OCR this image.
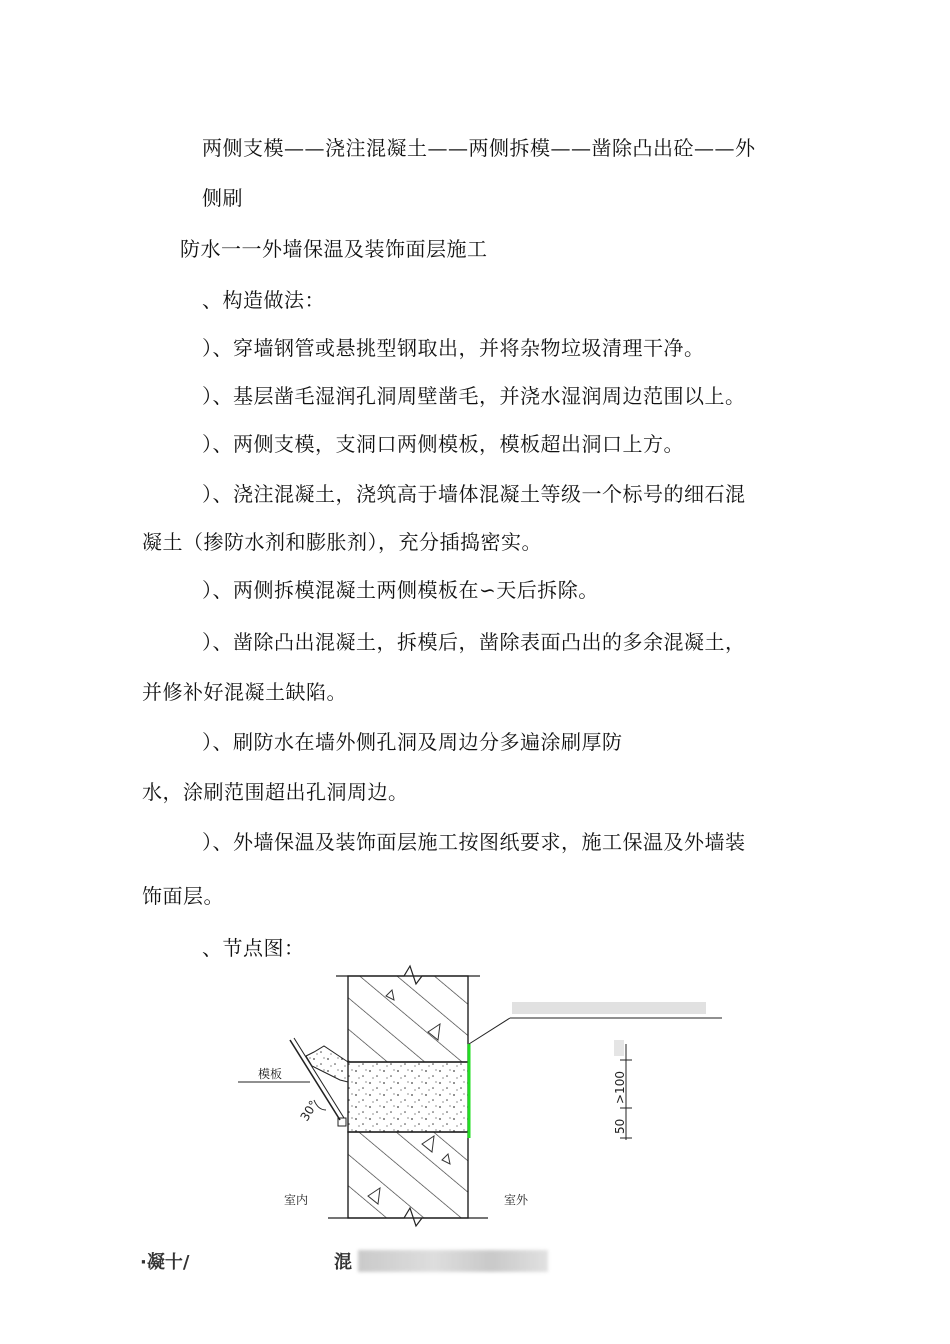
两侧支模——浇注混凝土——两侧拆模——凿除凸出砼——外
侧刷
防水一一外墙保温及装饰面层施工
、构造做法：
）、穿墙钢管或悬挑型钢取出，并将杂物垃圾清理干净。
）、基层凿毛湿润孔洞周壁凿毛，并浇水湿润周边范围以上。
）、两侧支模，支洞口两侧模板，模板超出洞口上方。
）、浇注混凝土，浇筑高于墙体混凝土等级一个标号的细石混
凝土（掺防水剂和膨胀剂），充分插捣密实。
）、两侧拆模混凝土两侧模板在∽天后拆除。
）、凿除凸出混凝土，拆模后，凿除表面凸出的多余混凝土，
并修补好混凝土缺陷。
）、刷防水在墙外侧孔洞及周边分多遍涂刷厚防
水，涂刷范围超出孔洞周边。
）、外墙保温及装饰面层施工按图纸要求，施工保温及外墙装
饰面层。
、节点图：
模板
30°
>100
50
室内	室外
·凝十/	混
